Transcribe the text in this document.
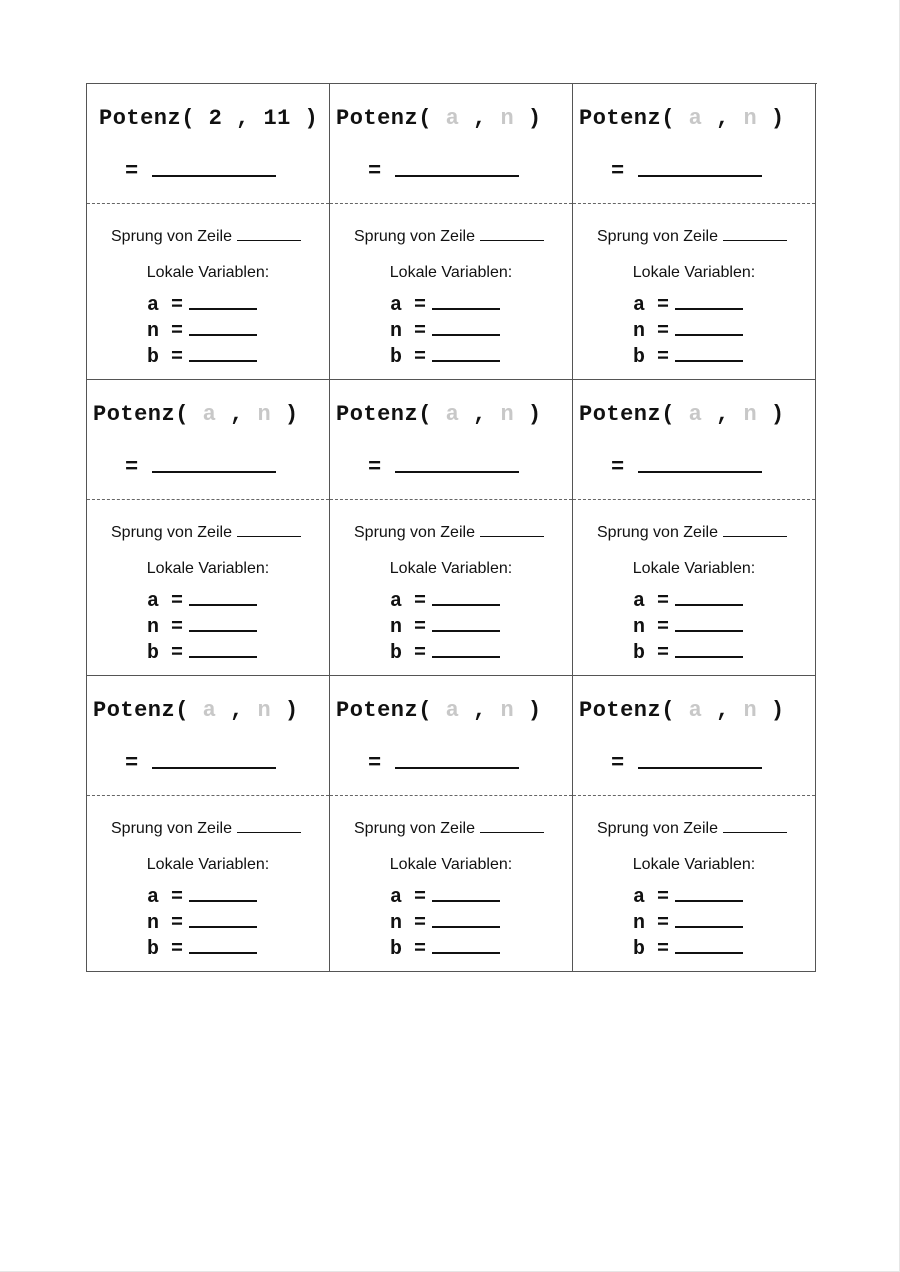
Potenz( 2 , 11 )
=
Sprung von Zeile
Lokale Variablen:
a =
n =
b =
Potenz( a , n )
=
Sprung von Zeile
Lokale Variablen:
a =
n =
b =
Potenz( a , n )
=
Sprung von Zeile
Lokale Variablen:
a =
n =
b =
Potenz( a , n )
=
Sprung von Zeile
Lokale Variablen:
a =
n =
b =
Potenz( a , n )
=
Sprung von Zeile
Lokale Variablen:
a =
n =
b =
Potenz( a , n )
=
Sprung von Zeile
Lokale Variablen:
a =
n =
b =
Potenz( a , n )
=
Sprung von Zeile
Lokale Variablen:
a =
n =
b =
Potenz( a , n )
=
Sprung von Zeile
Lokale Variablen:
a =
n =
b =
Potenz( a , n )
=
Sprung von Zeile
Lokale Variablen:
a =
n =
b =
